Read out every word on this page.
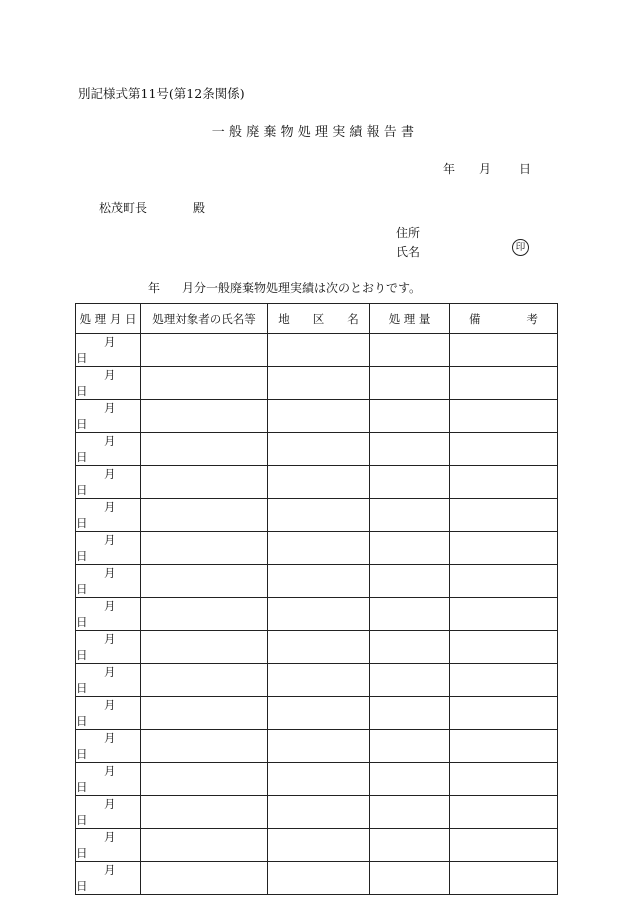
別記様式第11号(第12条関係)
一般廃棄物処理実績報告書
年 月 日
松茂町長	殿
住所
氏名	印
年 月分一般廃棄物処理実績は次のとおりです。
処 理 月 日	処理対象者の氏名等	地　　区　　名	処 理 量	備　　　　考
月日				
月日				
月日				
月日				
月日				
月日				
月日				
月日				
月日				
月日				
月日				
月日				
月日				
月日				
月日				
月日				
月日				
